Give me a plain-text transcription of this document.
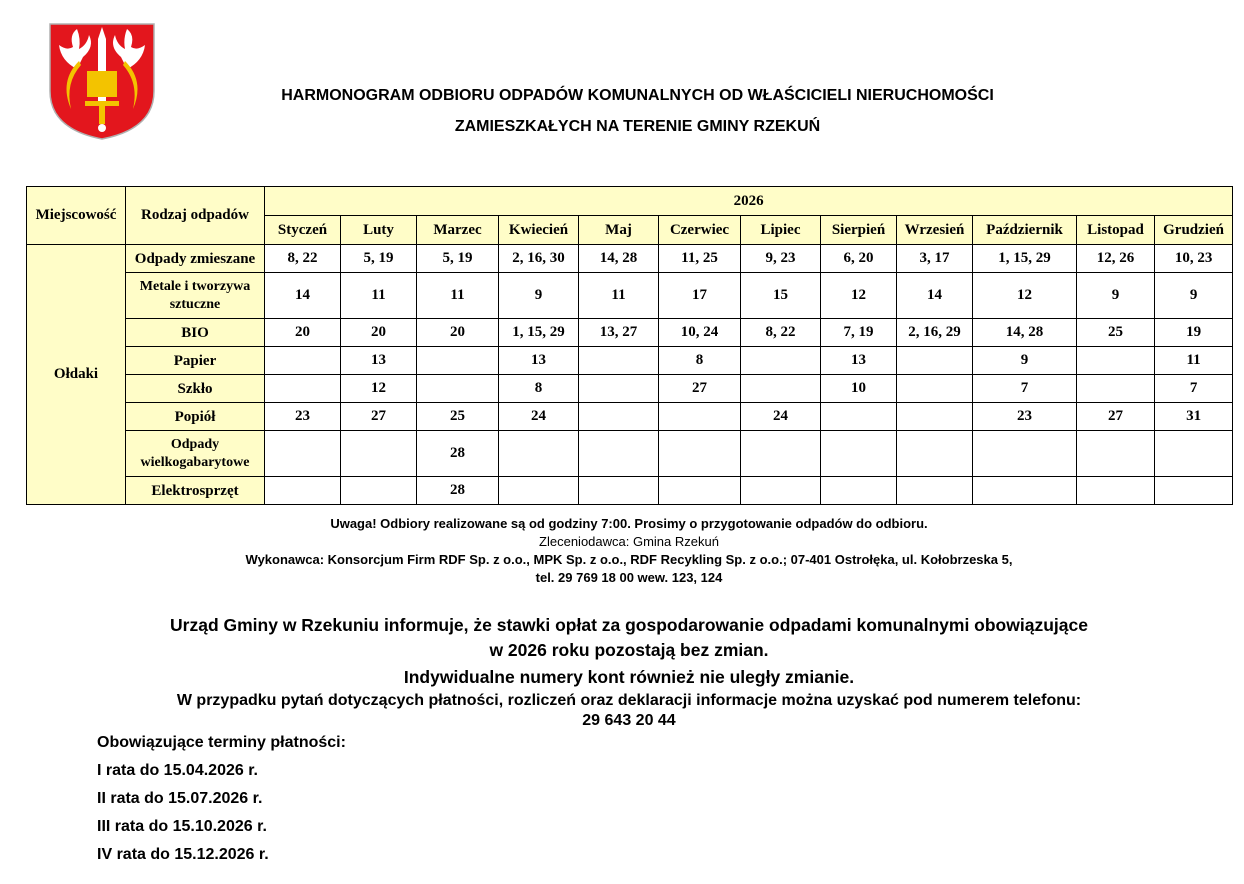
HARMONOGRAM ODBIORU ODPADÓW KOMUNALNYCH OD WŁAŚCICIELI NIERUCHOMOŚCI
ZAMIESZKAŁYCH NA TERENIE GMINY RZEKUŃ
Miejscowość	Rodzaj odpadów	2026											
		Styczeń	Luty	Marzec	Kwiecień	Maj	Czerwiec	Lipiec	Sierpień	Wrzesień	Październik	Listopad	Grudzień
Ołdaki	Odpady zmieszane	8, 22	5, 19	5, 19	2, 16, 30	14, 28	11, 25	9, 23	6, 20	3, 17	1, 15, 29	12, 26	10, 23
	Metale i tworzywa sztuczne	14	11	11	9	11	17	15	12	14	12	9	9
	BIO	20	20	20	1, 15, 29	13, 27	10, 24	8, 22	7, 19	2, 16, 29	14, 28	25	19
	Papier		13		13		8		13		9		11
	Szkło		12		8		27		10		7		7
	Popiół	23	27	25	24			24			23	27	31
	Odpady wielkogabarytowe			28									
	Elektrosprzęt			28									
Uwaga! Odbiory realizowane są od godziny 7:00. Prosimy o przygotowanie odpadów do odbioru.
Zleceniodawca: Gmina Rzekuń
Wykonawca: Konsorcjum Firm RDF Sp. z o.o., MPK Sp. z o.o., RDF Recykling Sp. z o.o.; 07-401 Ostrołęka, ul. Kołobrzeska 5,
tel. 29 769 18 00 wew. 123, 124
Urząd Gminy w Rzekuniu informuje, że stawki opłat za gospodarowanie odpadami komunalnymi obowiązujące
w 2026 roku pozostają bez zmian.
Indywidualne numery kont również nie uległy zmianie.
W przypadku pytań dotyczących płatności, rozliczeń oraz deklaracji informacje można uzyskać pod numerem telefonu:
29 643 20 44
Obowiązujące terminy płatności:
I rata do 15.04.2026 r.
II rata do 15.07.2026 r.
III rata do 15.10.2026 r.
IV rata do 15.12.2026 r.
